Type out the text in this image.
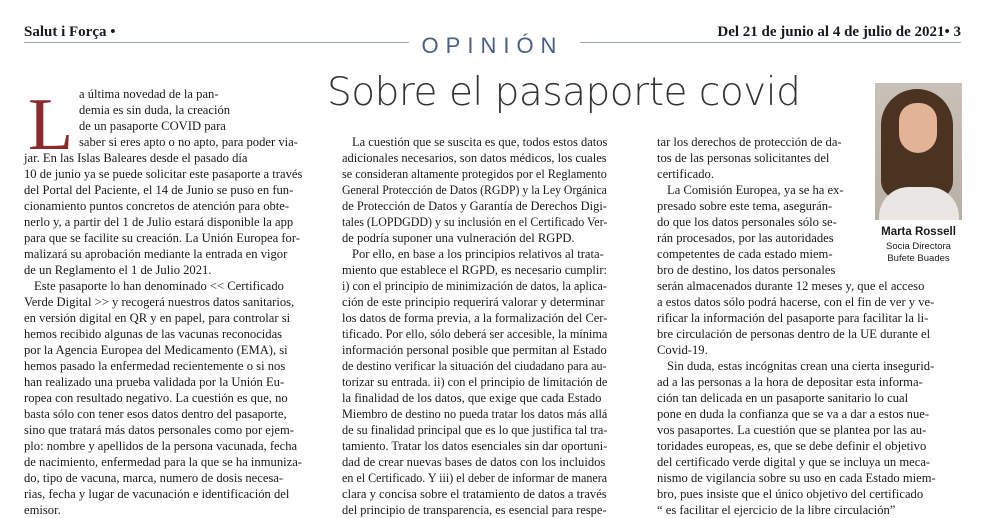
Salut i Força •	Del 21 de junio al 4 de julio de 2021• 3
OPINIÓN
Sobre el pasaporte covid
L
Marta Rossell
Socia Directora
Bufete Buades
a última novedad de la pan-
demia es sin duda, la creación
de un pasaporte COVID para
saber si eres apto o no apto, para poder via-
jar. En las Islas Baleares desde el pasado día
10 de junio ya se puede solicitar este pasaporte a través
del Portal del Paciente, el 14 de Junio se puso en fun-
cionamiento puntos concretos de atención para obte-
nerlo y, a partir del 1 de Julio estará disponible la app
para que se facilite su creación. La Unión Europea for-
malizará su aprobación mediante la entrada en vigor
de un Reglamento el 1 de Julio 2021.
Este pasaporte lo han denominado << Certificado
Verde Digital >> y recogerá nuestros datos sanitarios,
en versión digital en QR y en papel, para controlar si
hemos recibido algunas de las vacunas reconocidas
por la Agencia Europea del Medicamento (EMA), si
hemos pasado la enfermedad recientemente o si nos
han realizado una prueba validada por la Unión Eu-
ropea con resultado negativo. La cuestión es que, no
basta sólo con tener esos datos dentro del pasaporte,
sino que tratará más datos personales como por ejem-
plo: nombre y apellidos de la persona vacunada, fecha
de nacimiento, enfermedad para la que se ha inmuniza-
do, tipo de vacuna, marca, numero de dosis necesa-
rias, fecha y lugar de vacunación e identificación del
emisor.
La cuestión que se suscita es que, todos estos datos
adicionales necesarios, son datos médicos, los cuales
se consideran altamente protegidos por el Reglamento
General Protección de Datos (RGDP) y la Ley Orgánica
de Protección de Datos y Garantía de Derechos Digi-
tales (LOPDGDD) y su inclusión en el Certificado Ver-
de podría suponer una vulneración del RGPD.
Por ello, en base a los principios relativos al trata-
miento que establece el RGPD, es necesario cumplir:
i) con el principio de minimización de datos, la aplica-
ción de este principio requerirá valorar y determinar
los datos de forma previa, a la formalización del Cer-
tificado. Por ello, sólo deberá ser accesible, la mínima
información personal posible que permitan al Estado
de destino verificar la situación del ciudadano para au-
torizar su entrada. ii) con el principio de limitación de
la finalidad de los datos, que exige que cada Estado
Miembro de destino no pueda tratar los datos más allá
de su finalidad principal que es lo que justifica tal tra-
tamiento. Tratar los datos esenciales sin dar oportuni-
dad de crear nuevas bases de datos con los incluidos
en el Certificado. Y iii) el deber de informar de manera
clara y concisa sobre el tratamiento de datos a través
del principio de transparencia, es esencial para respe-
tar los derechos de protección de da-
tos de las personas solicitantes del
certificado.
La Comisión Europea, ya se ha ex-
presado sobre este tema, asegurán-
do que los datos personales sólo se-
rán procesados, por las autoridades
competentes de cada estado miem-
bro de destino, los datos personales
serán almacenados durante 12 meses y, que el acceso
a estos datos sólo podrá hacerse, con el fin de ver y ve-
rificar la información del pasaporte para facilitar la li-
bre circulación de personas dentro de la UE durante el
Covid-19.
Sin duda, estas incógnitas crean una cierta insegurid-
ad a las personas a la hora de depositar esta informa-
ción tan delicada en un pasaporte sanitario lo cual
pone en duda la confianza que se va a dar a estos nue-
vos pasaportes. La cuestión que se plantea por las au-
toridades europeas, es, que se debe definir el objetivo
del certificado verde digital y que se incluya un meca-
nismo de vigilancia sobre su uso en cada Estado miem-
bro, pues insiste que el único objetivo del certificado
“ es facilitar el ejercicio de la libre circulación”
